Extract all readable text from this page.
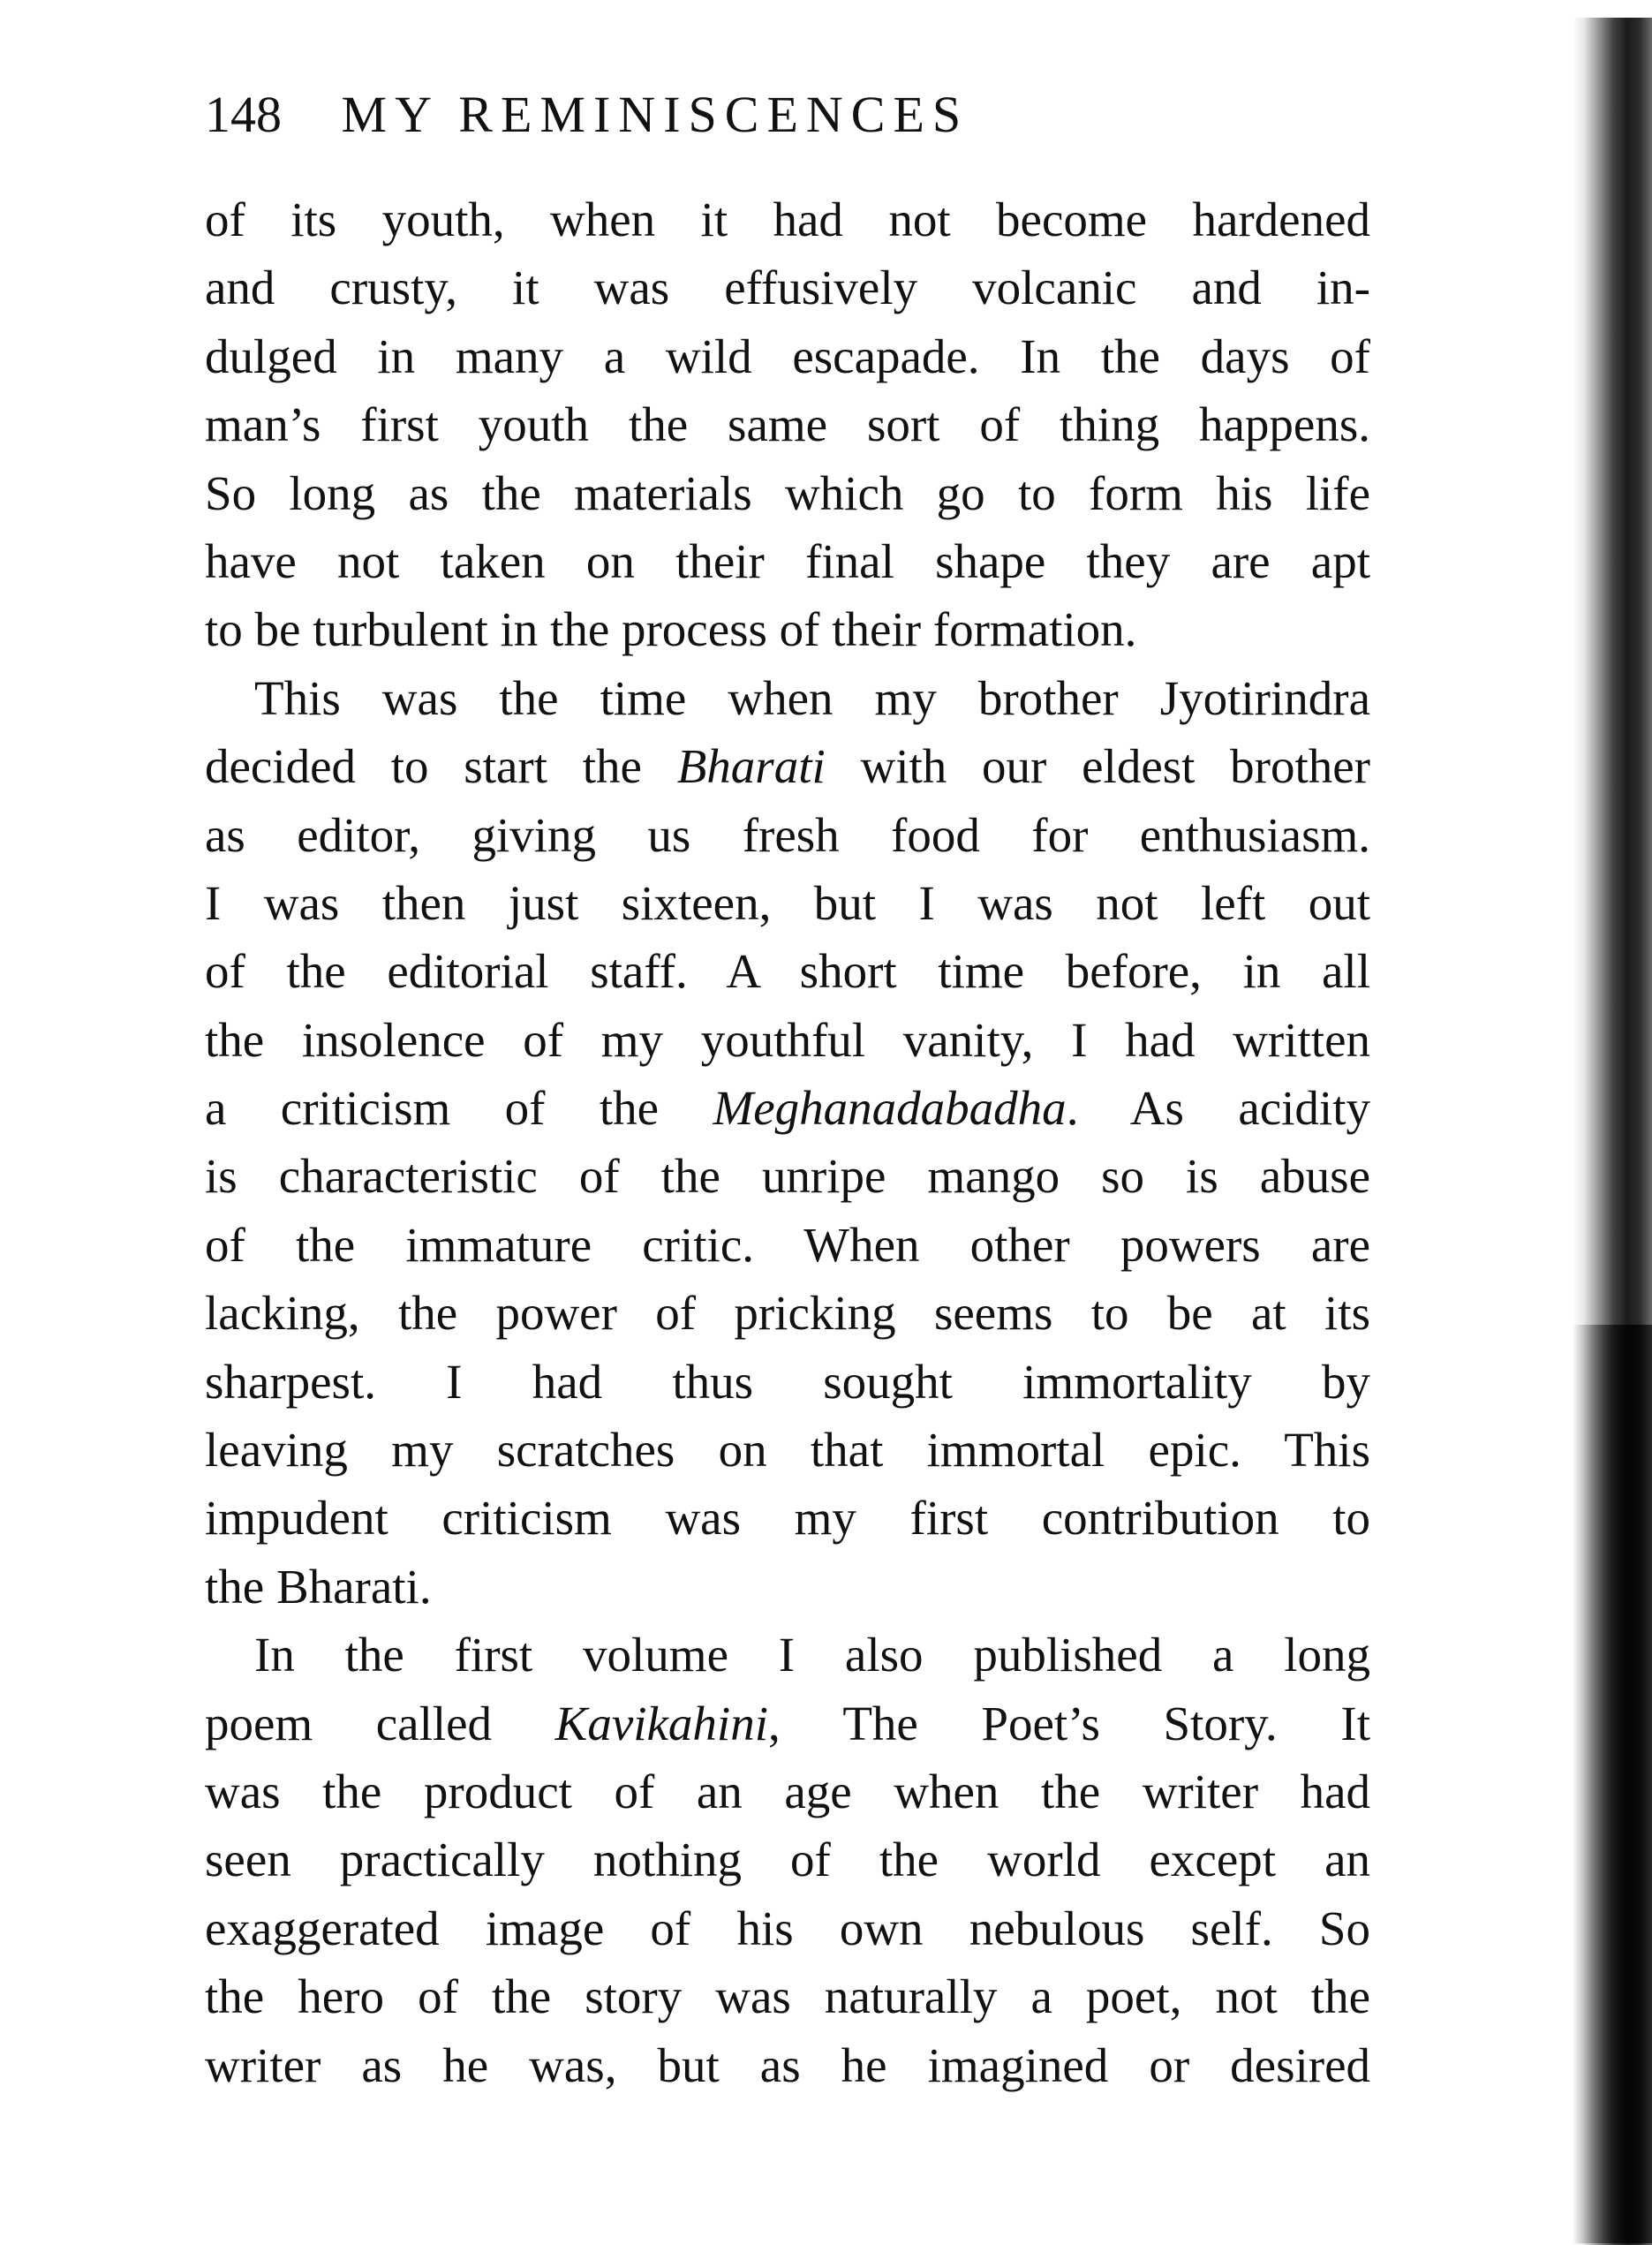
148 MY REMINISCENCES
of its youth, when it had not become hardened
and crusty, it was effusively volcanic and in-
dulged in many a wild escapade. In the days of
man’s first youth the same sort of thing happens.
So long as the materials which go to form his life
have not taken on their final shape they are apt
to be turbulent in the process of their formation.
This was the time when my brother Jyotirindra
decided to start the Bharati with our eldest brother
as editor, giving us fresh food for enthusiasm.
I was then just sixteen, but I was not left out
of the editorial staff. A short time before, in all
the insolence of my youthful vanity, I had written
a criticism of the Meghanadabadha. As acidity
is characteristic of the unripe mango so is abuse
of the immature critic. When other powers are
lacking, the power of pricking seems to be at its
sharpest. I had thus sought immortality by
leaving my scratches on that immortal epic. This
impudent criticism was my first contribution to
the Bharati.
In the first volume I also published a long
poem called Kavikahini, The Poet’s Story. It
was the product of an age when the writer had
seen practically nothing of the world except an
exaggerated image of his own nebulous self. So
the hero of the story was naturally a poet, not the
writer as he was, but as he imagined or desired
